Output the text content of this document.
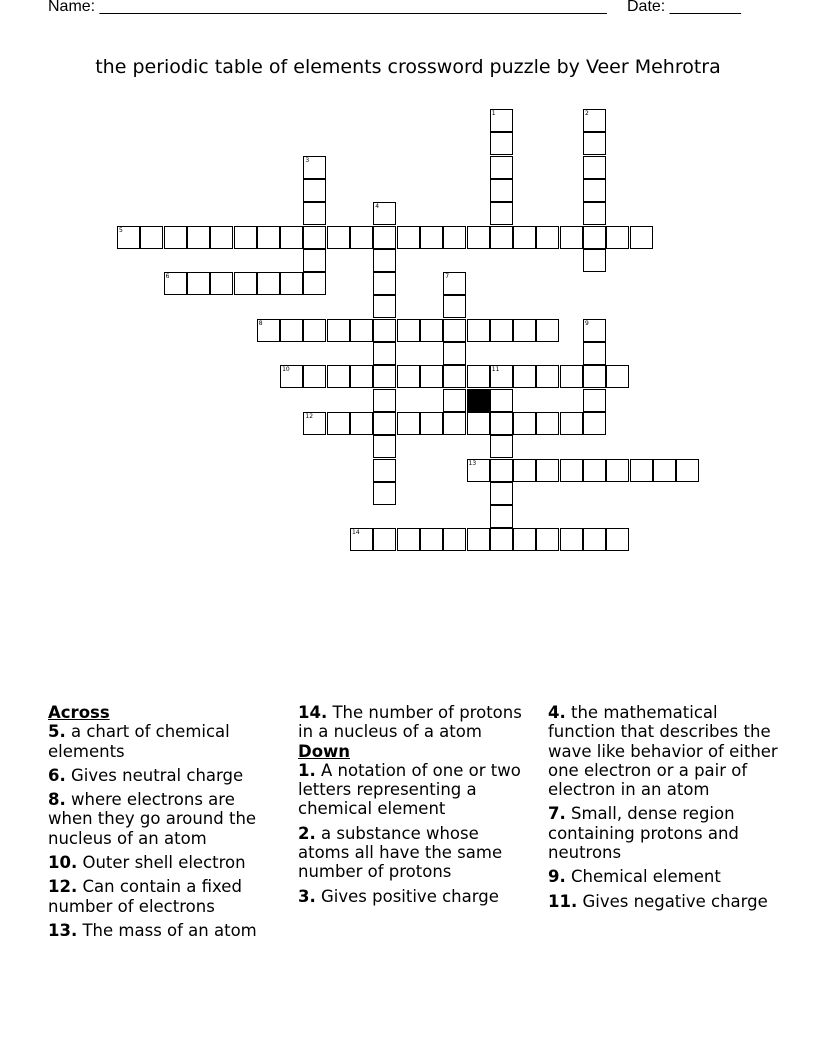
Name: _________________________________________________________ Date: ________
the periodic table of elements crossword puzzle by Veer Mehrotra
5
6
8
10	11
12
13
14
1	2
3
4
7
9
Across
5. a chart of chemical elements
6. Gives neutral charge
8. where electrons are when they go around the nucleus of an atom
10. Outer shell electron
12. Can contain a fixed number of electrons
13. The mass of an atom
14. The number of protons in a nucleus of a atom
Down
1. A notation of one or two letters representing a chemical element
2. a substance whose atoms all have the same number of protons
3. Gives positive charge
4. the mathematical function that describes the wave like behavior of either one electron or a pair of electron in an atom
7. Small, dense region containing protons and neutrons
9. Chemical element
11. Gives negative charge
